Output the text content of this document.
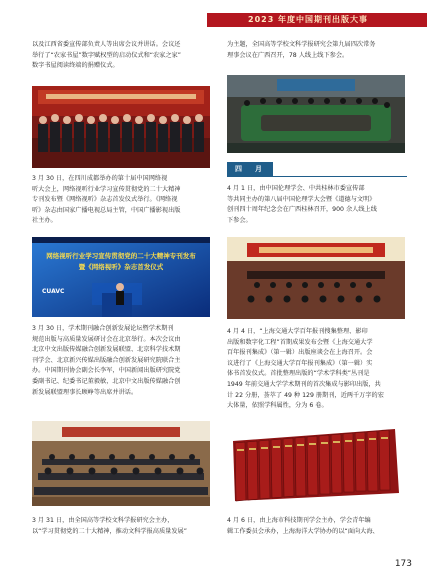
2023 年度中国期刊出版大事
以及江西省委宣传部负责人等出席会议并讲话。会议还
举行了“农家书屋”数字赋权型的启动仪式和“农家之家”
数字书屋阅读终端的捐赠仪式。
3 月 30 日，在四川成都举办的第十届中国网络视
听大会上，网络视听行业学习宣传贯彻党的二十大精神
专刊发布暨《网络视听》杂志首发仪式举行。《网络视
听》杂志由国家广播电视总局主管，中国广播影视出版
社主办。
网络视听行业学习宣传贯彻党的二十大精神专刊发布
暨《网络视听》杂志首发仪式
CUAVC
3 月 30 日，学术期刊融合创新发展论坛暨学术期刊
规范出版与高质量发展研讨会在北京举行。本次会议由
北京中文出版传媒融合创新发展联盟、北京科学技术期
刊学会、北京新兴传媒出版融合创新发展研究院联合主
办。中国期刊协会副会长李军，中国新闻出版研究院党
委副书记、纪委书记董毅敏，北京中文出版传媒融合创
新发展联盟理事长顾峥等出席并讲话。
3 月 31 日，由全国高等学校文科学报研究会主办，
以“学习贯彻党的二十大精神，推动文科学报高质量发展”
为主题，全国高等学校文科学报研究会第九届四次常务
理事会议在广西召开，78 人线上线下参会。
四　月
4 月 1 日，由中国伦理学会、中共桂林市委宣传部
等共同主办的第八届中国伦理学大会暨《道德与文明》
创刊四十周年纪念会在广西桂林召开，900 余人线上线
下参会。
4 月 4 日，“上海交通大学百年报刊搜集整理、影印
出版和数字化工程”首期成果发布会暨《上海交通大学
百年报刊集成》（第一辑）出版座谈会在上海召开。会
议进行了《上海交通大学百年报刊集成》（第一辑）实
体书首发仪式。首批整理出版的“学术学科类”丛刊是
1949 年前交通大学学术期刊的首次集成与影印出版，共
计 22 分册，荟萃了 49 种 129 册期刊，近两千万字的宏
大体量，依照学科属性，分为 6 卷。
4 月 6 日，由上海市科技期刊学会主办，学会青年编
辑工作委员会承办，上海海洋大学协办的以“面向大海、
173
